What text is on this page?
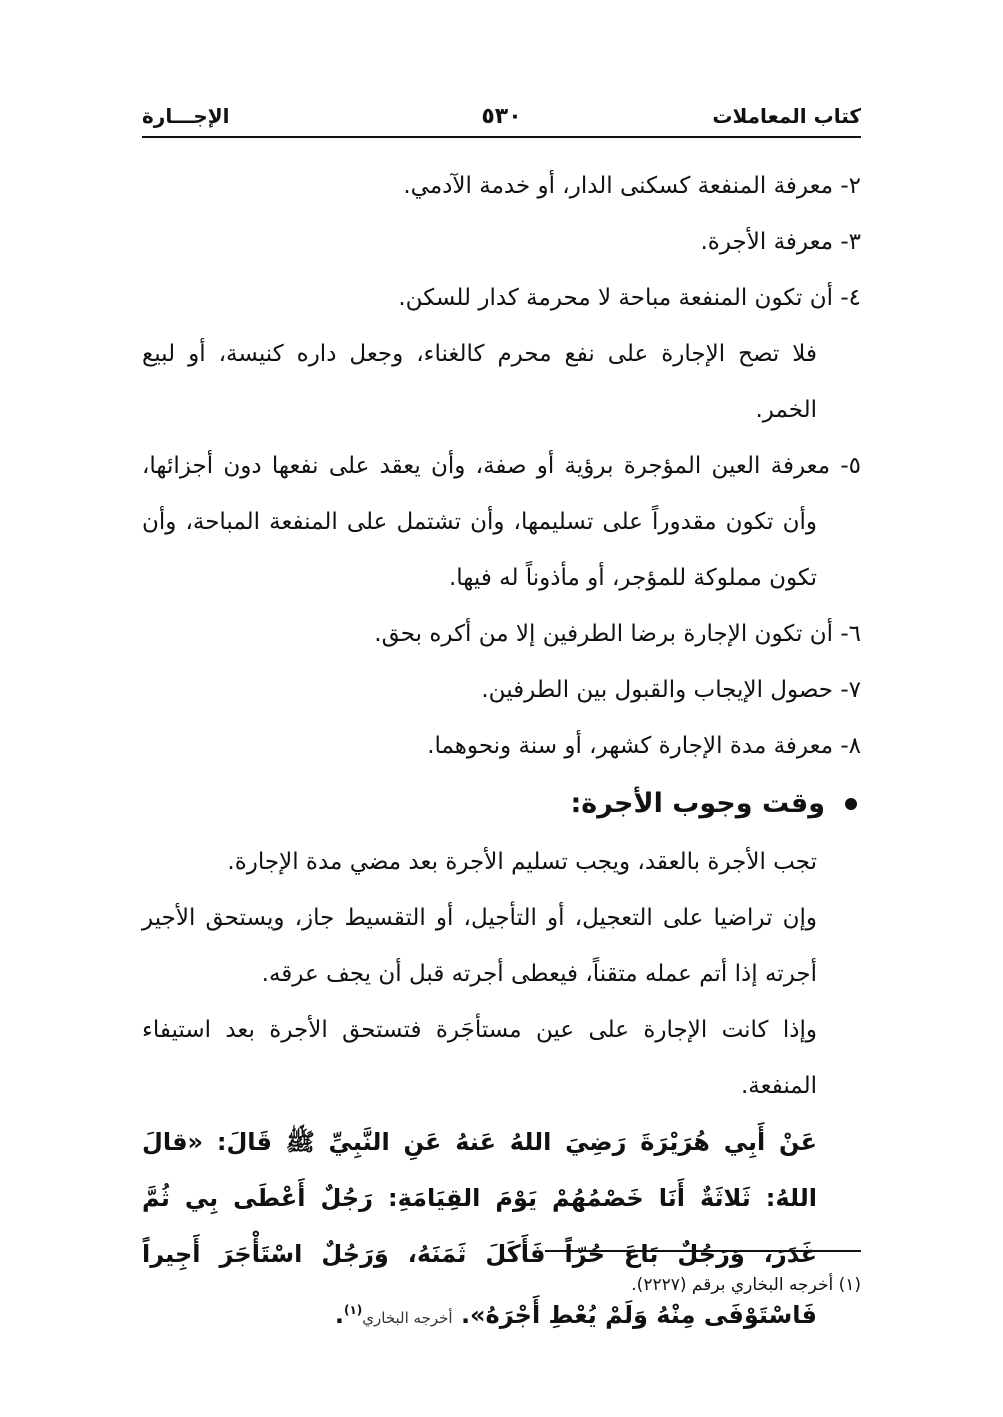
كتاب المعاملات
٥٣٠
الإجـــارة
٢- معرفة المنفعة كسكنى الدار، أو خدمة الآدمي.
٣- معرفة الأجرة.
٤- أن تكون المنفعة مباحة لا محرمة كدار للسكن.
فلا تصح الإجارة على نفع محرم كالغناء، وجعل داره كنيسة، أو لبيع الخمر.
٥- معرفة العين المؤجرة برؤية أو صفة، وأن يعقد على نفعها دون أجزائها، وأن تكون مقدوراً على تسليمها، وأن تشتمل على المنفعة المباحة، وأن تكون مملوكة للمؤجر، أو مأذوناً له فيها.
٦- أن تكون الإجارة برضا الطرفين إلا من أكره بحق.
٧- حصول الإيجاب والقبول بين الطرفين.
٨- معرفة مدة الإجارة كشهر، أو سنة ونحوهما.
وقت وجوب الأجرة:
تجب الأجرة بالعقد، ويجب تسليم الأجرة بعد مضي مدة الإجارة.
وإن تراضيا على التعجيل، أو التأجيل، أو التقسيط جاز، ويستحق الأجير أجرته إذا أتم عمله متقناً، فيعطى أجرته قبل أن يجف عرقه.
وإذا كانت الإجارة على عين مستأجَرة فتستحق الأجرة بعد استيفاء المنفعة.
عَنْ أَبِي هُرَيْرَةَ رَضِيَ اللهُ عَنهُ عَنِ النَّبِيِّ ﷺ قَالَ: «قالَ اللهُ: ثَلاثَةٌ أَنَا خَصْمُهُمْ يَوْمَ القِيَامَةِ: رَجُلٌ أَعْطَى بِي ثُمَّ غَدَرَ، وَرَجُلٌ بَاعَ حُرّاً فَأَكَلَ ثَمَنَهُ، وَرَجُلٌ اسْتَأْجَرَ أَجِيراً فَاسْتَوْفَى مِنْهُ وَلَمْ يُعْطِ أَجْرَهُ». أخرجه البخاري$^{(١)}$.
(١) أخرجه البخاري برقم (٢٢٢٧).
